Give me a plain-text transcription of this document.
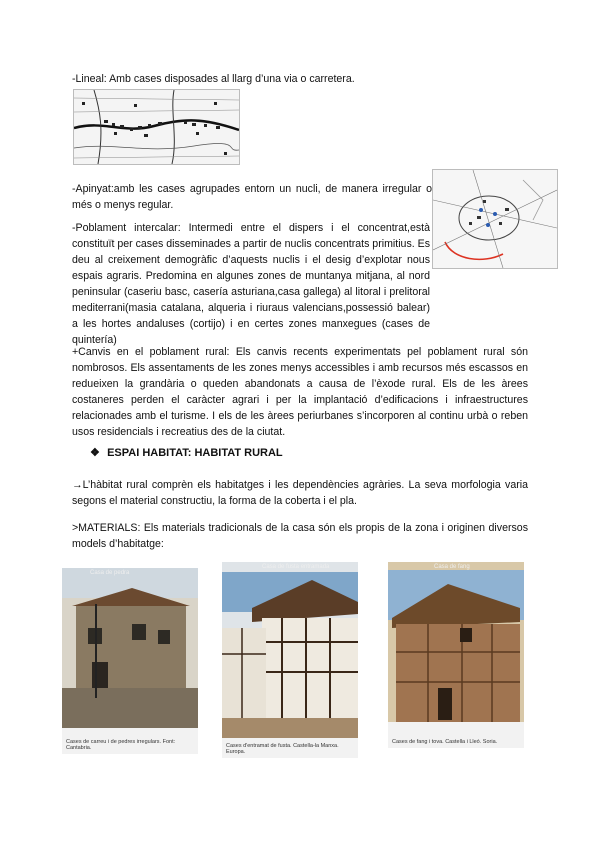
-Lineal: Amb cases disposades al llarg d’una via o carretera.

-Apinyat:amb les cases agrupades entorn un nucli, de manera irregular o més o menys regular.

-Poblament intercalar: Intermedi entre el dispers i el concentrat,està constituït per cases disseminades a partir de nuclis concentrats primitius. Es deu al creixement demogràfic d’aquests nuclis i el desig d’explotar nous espais agraris. Predomina en algunes zones de muntanya mitjana, al nord peninsular (caseriu basc, casería asturiana,casa gallega) al litoral i prelitoral mediterrani(masia catalana, alqueria i riuraus valencians,possessió balear) a les hortes andaluses (cortijo) i en certes zones manxegues (cases de quintería)

+Canvis en el poblament rural: Els canvis recents experimentats pel poblament rural són nombrosos. Els assentaments de les zones menys accessibles i amb recursos més escassos en redueixen la grandària o queden abandonats a causa de l’èxode rural. Els de les àrees costaneres perden el caràcter agrari i per la implantació d’edificacions i infraestructures relacionades amb el turisme. I els de les àrees periurbanes s’incorporen al continu urbà o reben usos residencials i recreatius des de la ciutat.

❖ ESPAI HABITAT: HABITAT RURAL

→L’hàbitat rural comprèn els habitatges i les dependències agràries. La seva morfologia varia segons el material constructiu, la forma de la coberta i el pla.

>MATERIALS: Els materials tradicionals de la casa són els propis de la zona i originen diversos models d’habitatge:

Casa de pedra
Cases de carreu i de pedres irregulars. Font: Cantabria.
Casa de fusta entramada
Cases d'entramat de fusta. Castella-la Manxa. Europa.
Casa de fang
Cases de fang i tova. Castella i Lleó. Soria.
